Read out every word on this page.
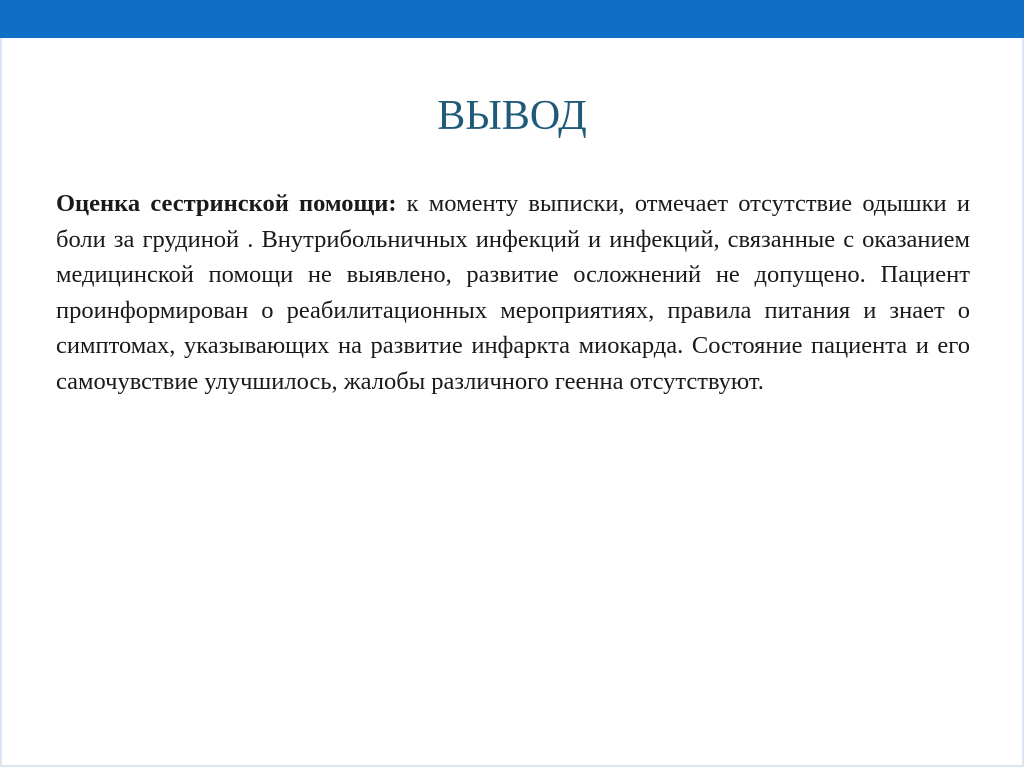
ВЫВОД

Оценка сестринской помощи: к моменту выписки, отмечает отсутствие одышки и боли за грудиной . Внутрибольничных инфекций и инфекций, связанные с оказанием медицинской помощи не выявлено, развитие осложнений не допущено. Пациент проинформирован о реабилитационных мероприятиях, правила питания и знает о симптомах, указывающих на развитие инфаркта миокарда. Состояние пациента и его самочувствие улучшилось, жалобы различного геенна отсутствуют.
